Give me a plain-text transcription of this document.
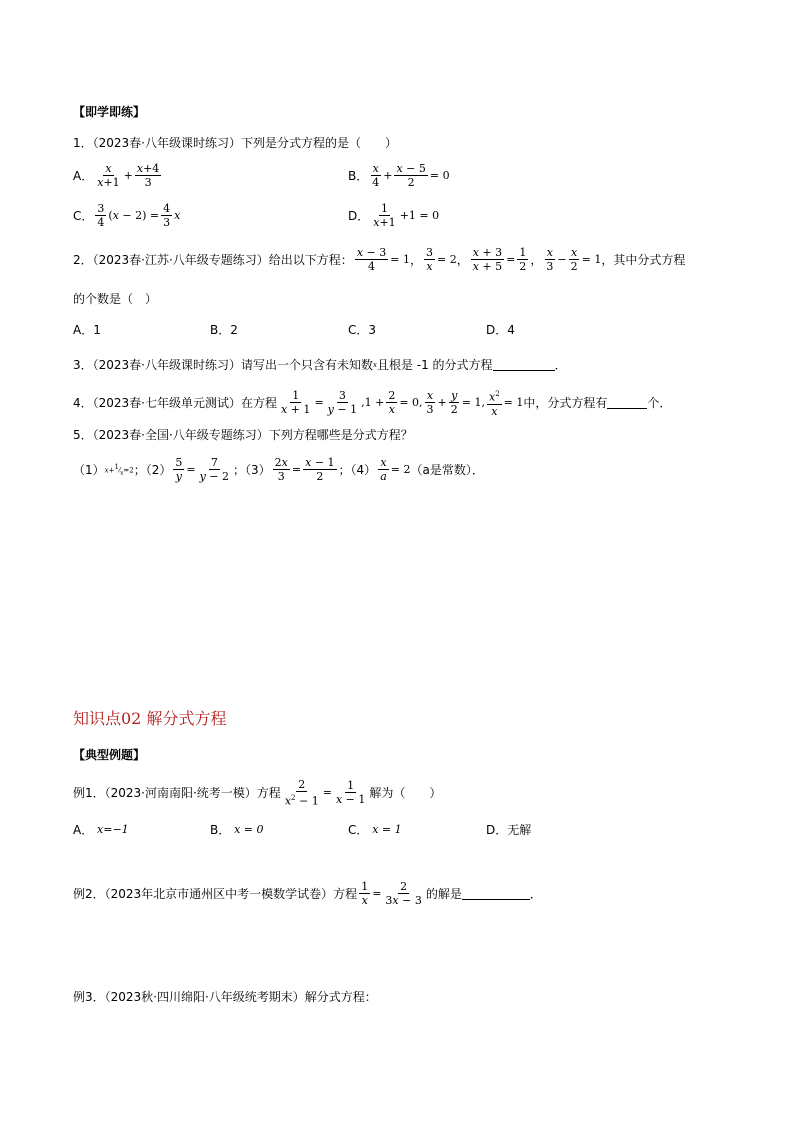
【即学即练】
1．（2023春·八年级课时练习）下列是分式方程的是（　　）
A． $\frac{x}{x+1} + \frac{x+4}{3}$	B． $\frac{x}{4} + \frac{x - 5}{2} = 0$
C． $\frac{3}{4} (x - 2) = \frac{4}{3}$ x	D． $\frac{1}{x+1} +1 = 0$
2．（2023春·江苏·八年级专题练习）给出以下方程： $\frac{x - 3}{4} = 1$ ， $\frac{3}{x} = 2$ ， $\frac{x + 3}{x + 5} = \frac{1}{2}$ ， $\frac{x}{3} - \frac{x}{2} = 1$ ，其中分式方程
的个数是（　）
A．1	B．2	C．3	D．4
3．（2023春·八年级课时练习）请写出一个只含有未知数 x 且根是 -1 的分式方程	．
4．（2023春·七年级单元测试）在方程 $\frac{1}{x + 1} = \frac{3}{y - 1} ,1 + \frac{2}{x} = 0$, $\frac{x}{3} + \frac{y}{2} = 1$, $\frac{x^2}{x} = 1$ 中，分式方程有	个．
5．（2023春·全国·八年级专题练习）下列方程哪些是分式方程？
（1） $x+^1⁄_x=2$ ；$(2) \frac{5}{y} = \frac{7}{y - 2}$ ；$(3) \frac{2x}{3} = \frac{x - 1}{2}$ ；$(4) \frac{x}{a} = 2$ （a是常数）．
知识点02 解分式方程
【典型例题】
例1．（2023·河南南阳·统考一模）方程 $\frac{2}{x^2 - 1} = \frac{1}{x - 1}$ 解为（　　）
A．
x=−1	B．
x = 0	C．
x = 1	D．无解
例2．（2023年北京市通州区中考一模数学试卷）方程 $\frac{1}{x} = \frac{2}{3x - 3}$ 的解是	．
例3．（2023秋·四川绵阳·八年级统考期末）解分式方程：
